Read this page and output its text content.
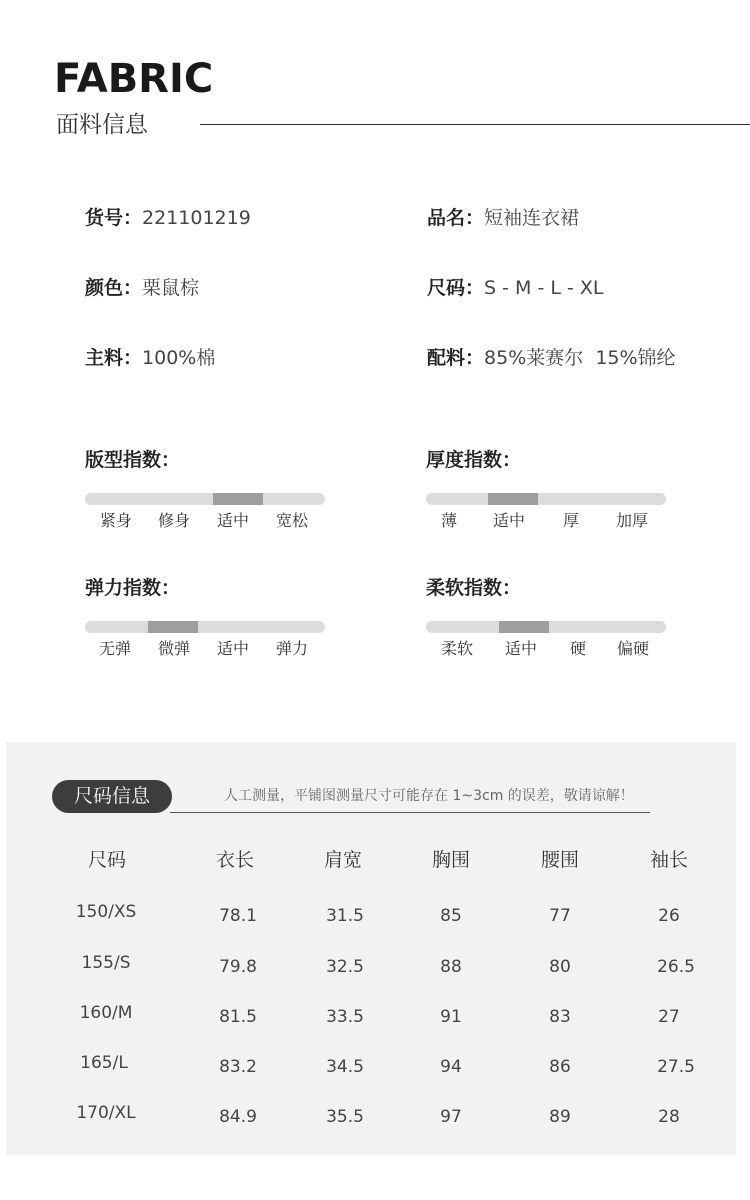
FABRIC
面料信息
货号：221101219	品名：短袖连衣裙
颜色：栗鼠棕	尺码：S - M - L - XL
主料：100%棉	配料：85%莱赛尔  15%锦纶
版型指数：
紧身 修身 适中 宽松
厚度指数：
薄 适中 厚 加厚
弹力指数：
无弹 微弹 适中 弹力
柔软指数：
柔软 适中 硬 偏硬
尺码信息	人工测量，平铺图测量尺寸可能存在 1~3cm 的误差，敬请谅解！
尺码	衣长	肩宽	胸围	腰围	袖长
150/XS	78.1	31.5	85	77	26
155/S	79.8	32.5	88	80	26.5
160/M	81.5	33.5	91	83	27
165/L	83.2	34.5	94	86	27.5
170/XL	84.9	35.5	97	89	28
